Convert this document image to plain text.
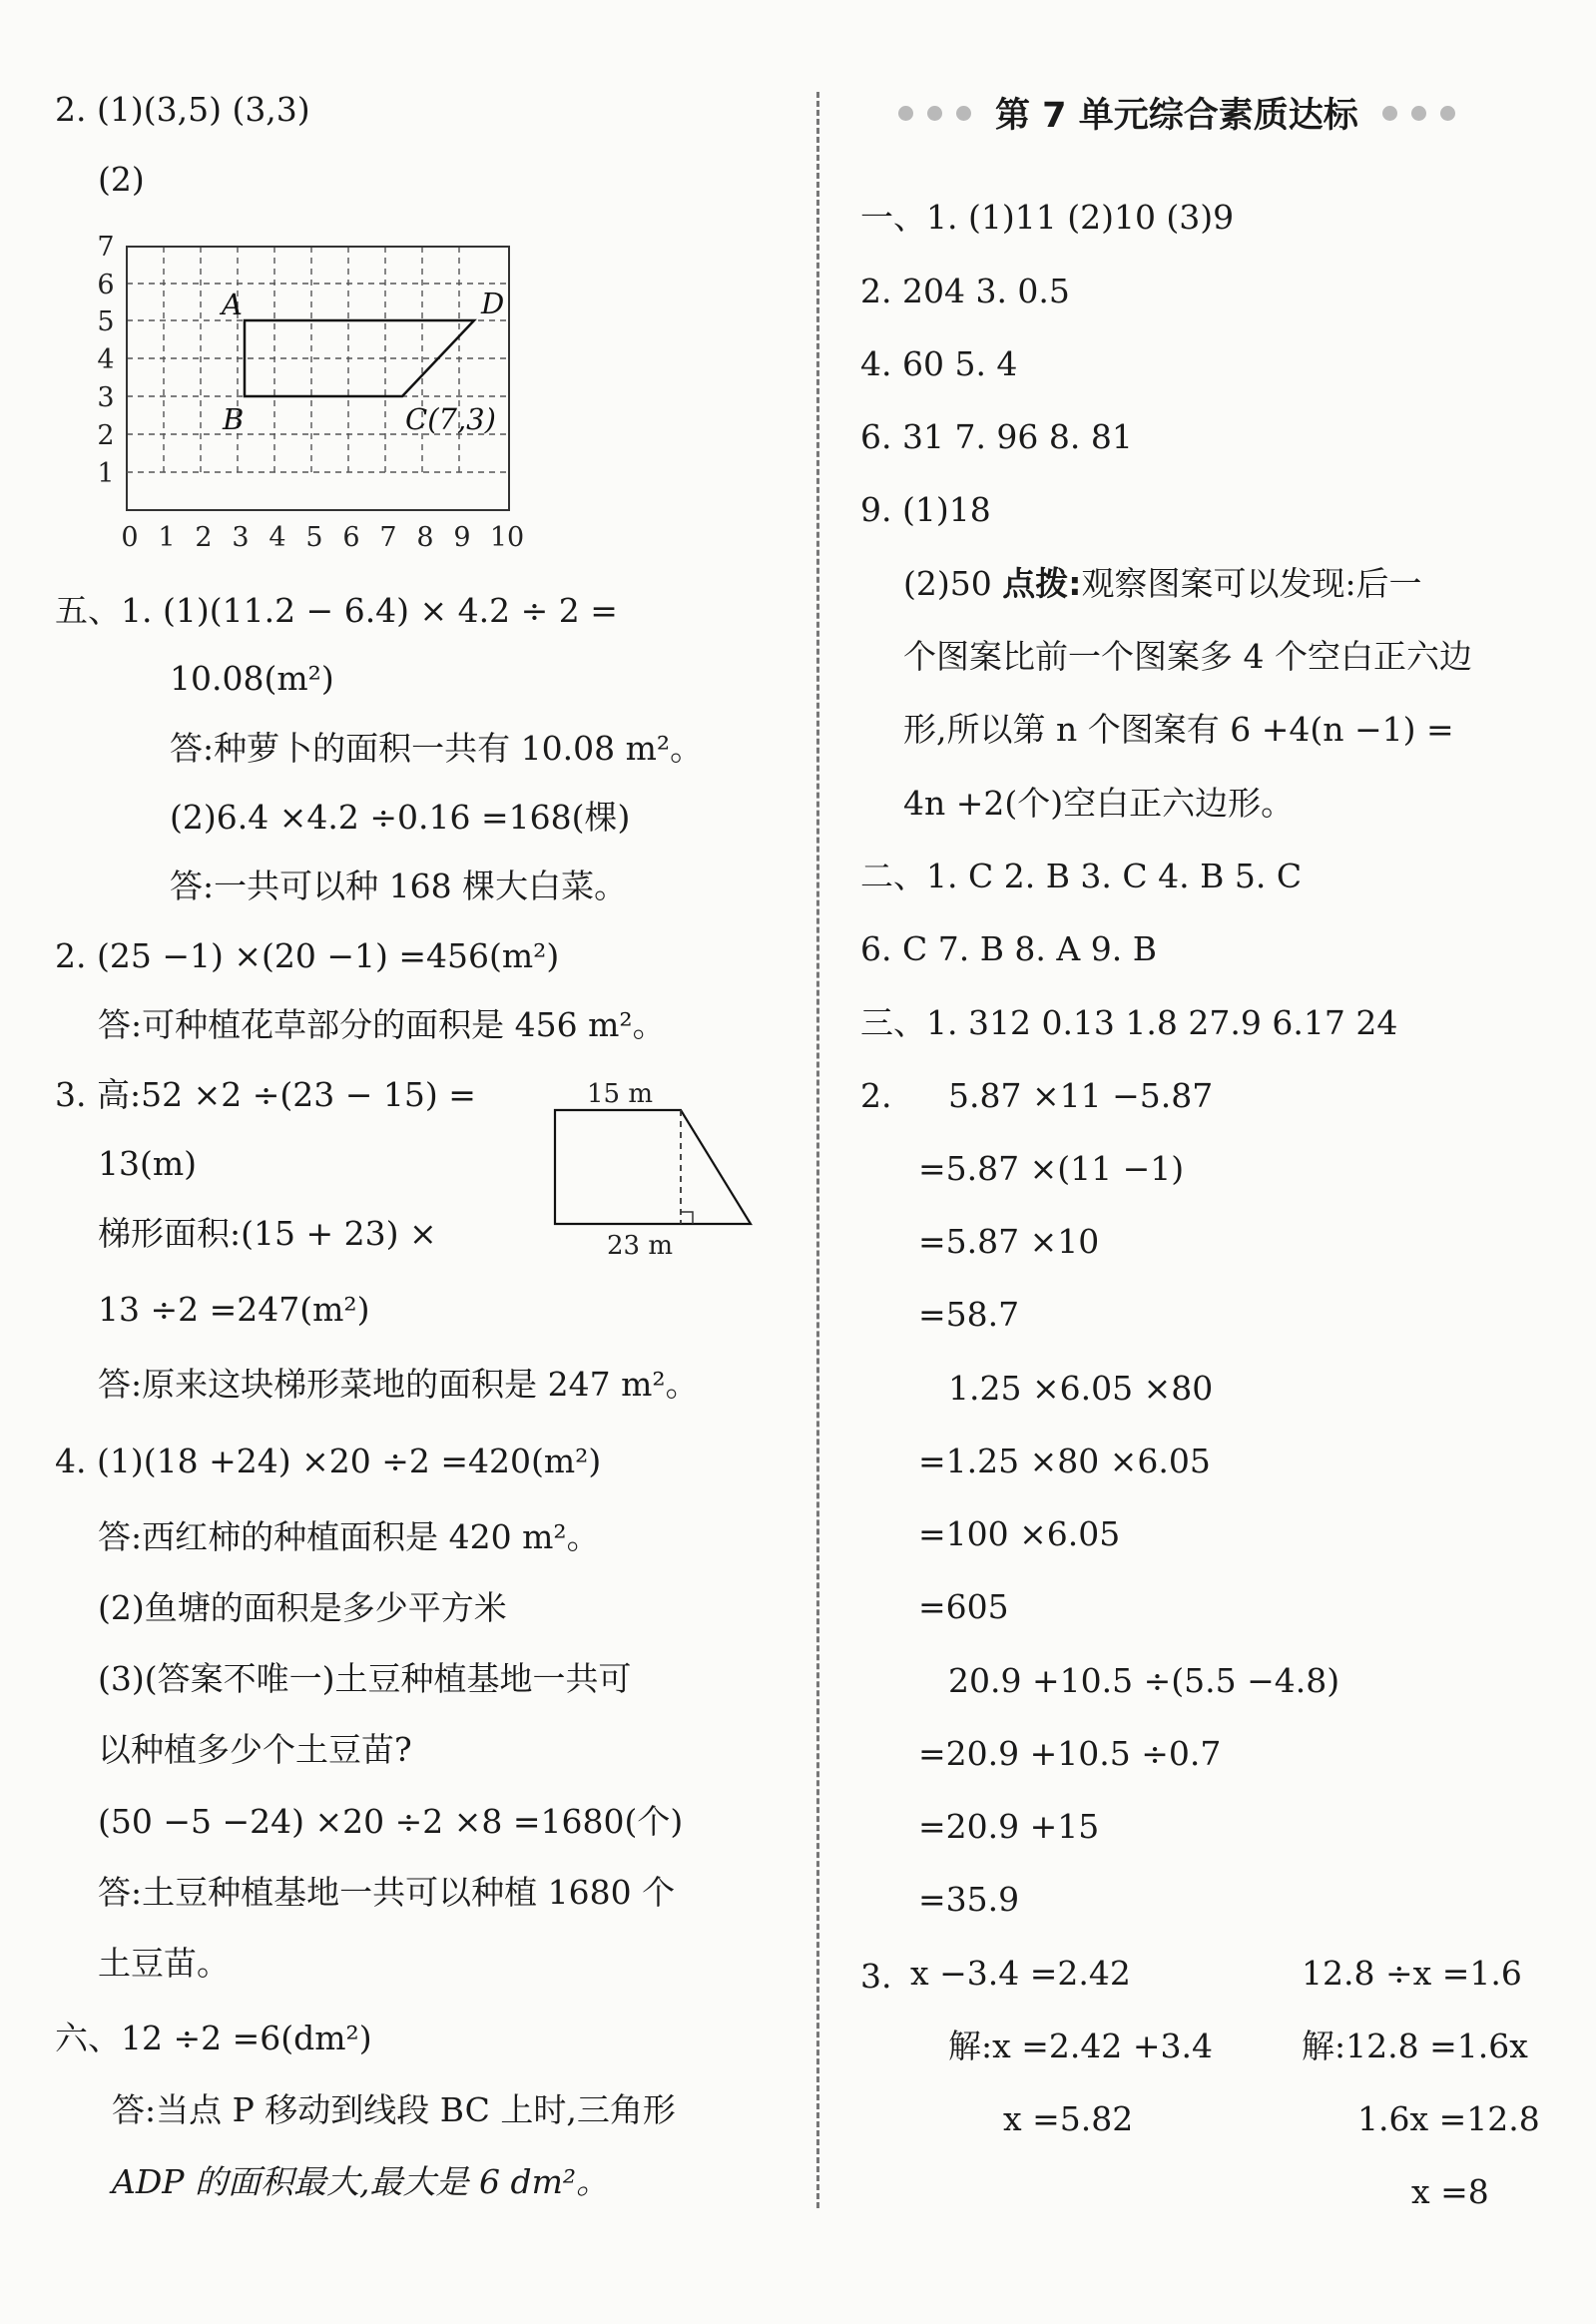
第 7 单元综合素质达标
2. (1)(3,5) (3,3)
(2)
7
6
5
4
3
2
1
0 1 2 3 4 5 6 7 8 9 10
A	D
B	C(7,3)
五、1. (1)(11.2 − 6.4) × 4.2 ÷ 2 =
10.08(m²)
答:种萝卜的面积一共有 10.08 m²。
(2)6.4 ×4.2 ÷0.16 =168(棵)
答:一共可以种 168 棵大白菜。
2. (25 −1) ×(20 −1) =456(m²)
答:可种植花草部分的面积是 456 m²。
3. 高:52 ×2 ÷(23 − 15) =
13(m)
梯形面积:(15 + 23) ×
15 m
23 m
13 ÷2 =247(m²)
答:原来这块梯形菜地的面积是 247 m²。
4. (1)(18 +24) ×20 ÷2 =420(m²)
答:西红柿的种植面积是 420 m²。
(2)鱼塘的面积是多少平方米
(3)(答案不唯一)土豆种植基地一共可
以种植多少个土豆苗?
(50 −5 −24) ×20 ÷2 ×8 =1680(个)
答:土豆种植基地一共可以种植 1680 个
土豆苗。
六、12 ÷2 =6(dm²)
答:当点 P 移动到线段 BC 上时,三角形
ADP 的面积最大,最大是 6 dm²。
一、1. (1)11 (2)10 (3)9
2. 204 3. 0.5
4. 60 5. 4
6. 31 7. 96 8. 81
9. (1)18
(2)50 点拨:观察图案可以发现:后一
个图案比前一个图案多 4 个空白正六边
形,所以第 n 个图案有 6 +4(n −1) =
4n +2(个)空白正六边形。
二、1. C 2. B 3. C 4. B 5. C
6. C 7. B 8. A 9. B
三、1. 312 0.13 1.8 27.9 6.17 24
2. 5.87 ×11 −5.87
=5.87 ×(11 −1)
=5.87 ×10
=58.7
1.25 ×6.05 ×80
=1.25 ×80 ×6.05
=100 ×6.05
=605
20.9 +10.5 ÷(5.5 −4.8)
=20.9 +10.5 ÷0.7
=20.9 +15
=35.9
3. x −3.4 =2.42	12.8 ÷x =1.6
解:x =2.42 +3.4	解:12.8 =1.6x
x =5.82	1.6x =12.8
x =8
